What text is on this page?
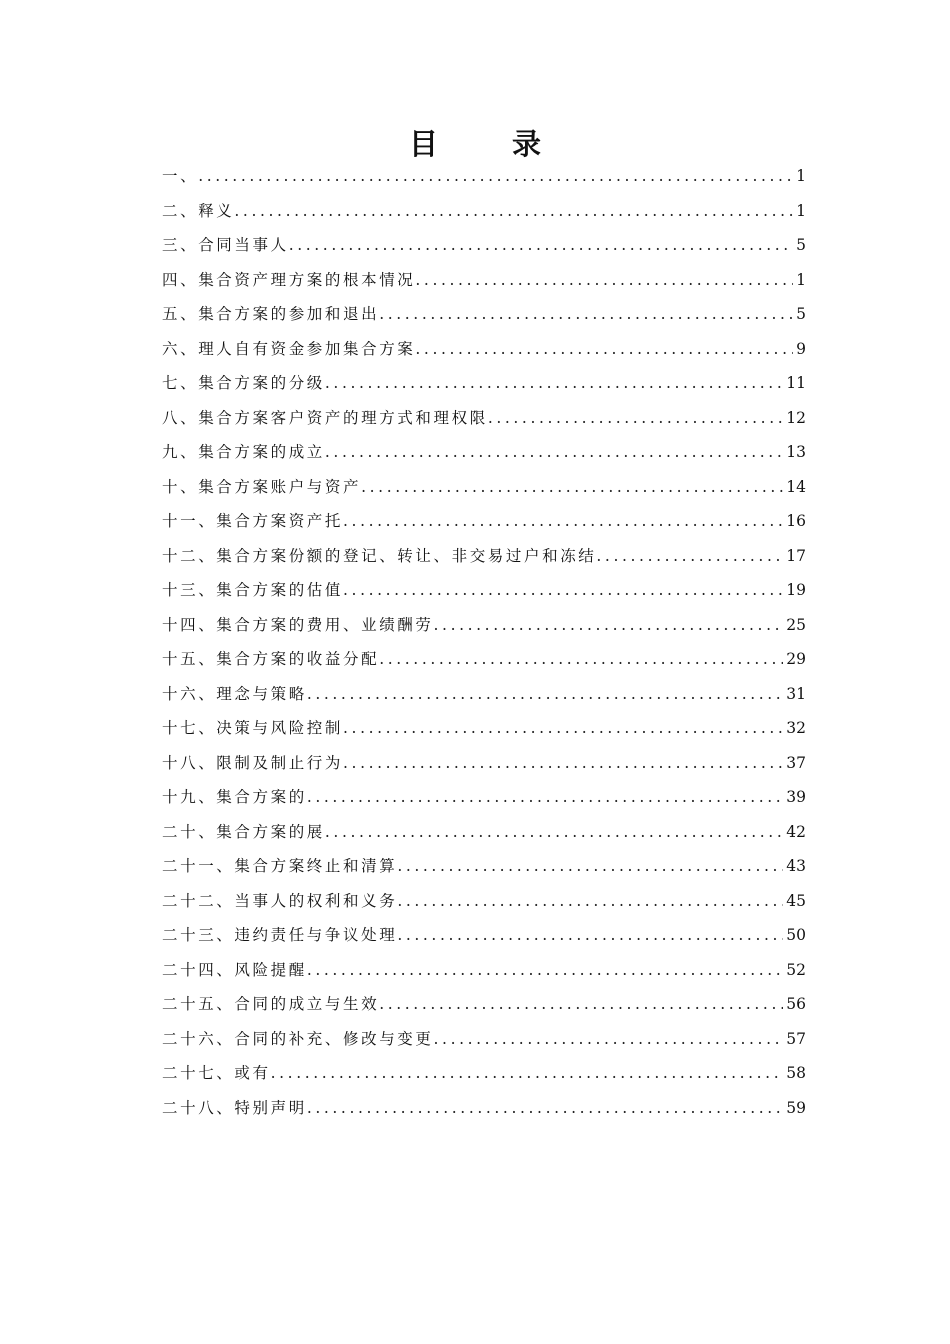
目 录
一、 .....	1
二、释义 .....	1
三、合同当事人 .....	5
四、集合资产理方案的根本情况 .....	1
五、集合方案的参加和退出 .....	5
六、理人自有资金参加集合方案 .....	9
七、集合方案的分级 .....	11
八、集合方案客户资产的理方式和理权限 .....	12
九、集合方案的成立 .....	13
十、集合方案账户与资产 .....	14
十一、集合方案资产托 .....	16
十二、集合方案份额的登记、转让、非交易过户和冻结 .....	17
十三、集合方案的估值 .....	19
十四、集合方案的费用、业绩酬劳 .....	25
十五、集合方案的收益分配 .....	29
十六、理念与策略 .....	31
十七、决策与风险控制 .....	32
十八、限制及制止行为 .....	37
十九、集合方案的 .....	39
二十、集合方案的展 .....	42
二十一、集合方案终止和清算 .....	43
二十二、当事人的权利和义务 .....	45
二十三、违约责任与争议处理 .....	50
二十四、风险提醒 .....	52
二十五、合同的成立与生效 .....	56
二十六、合同的补充、修改与变更 .....	57
二十七、或有 .....	58
二十八、特别声明 .....	59
